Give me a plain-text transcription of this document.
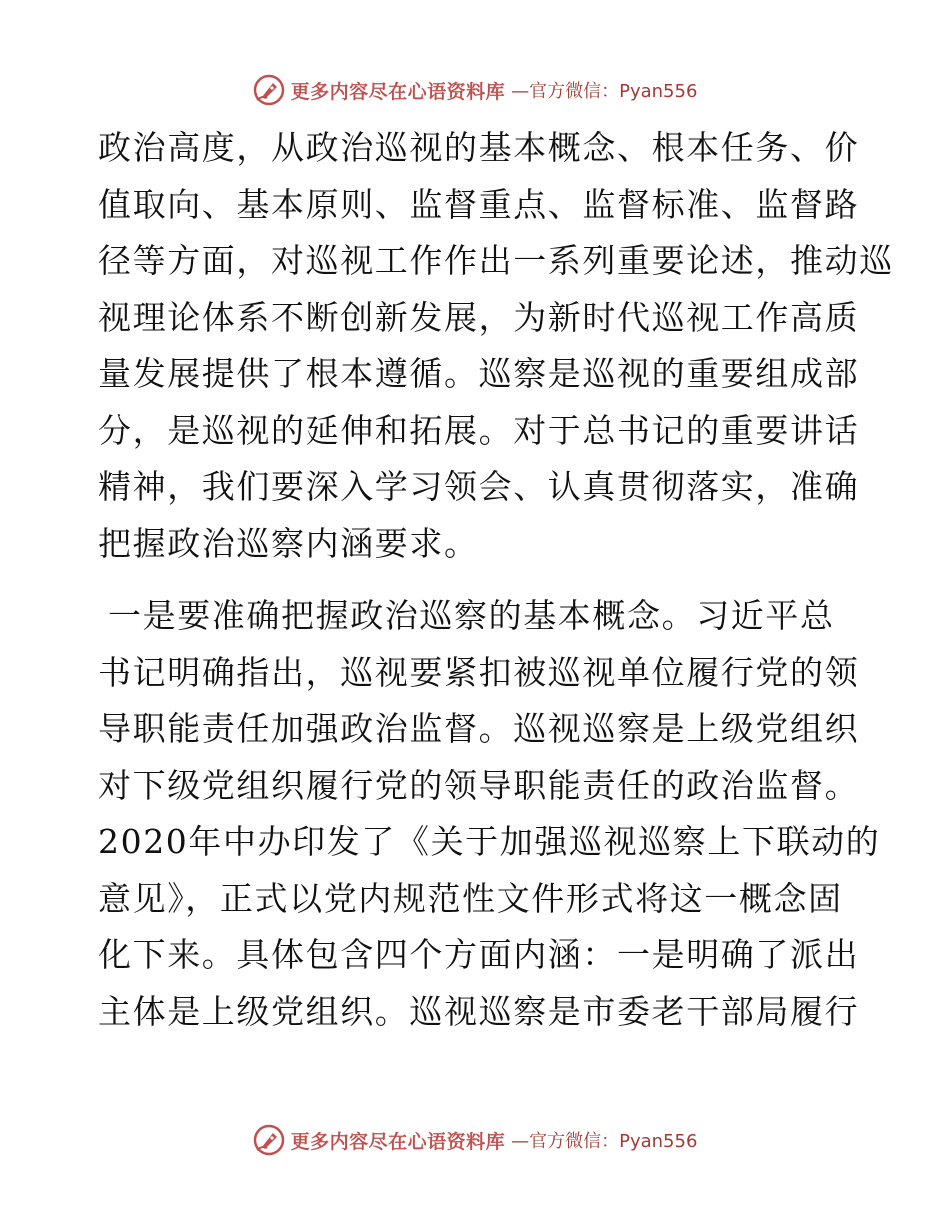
更多内容尽在心语资料库 —官方微信：Pyan556

政治高度，从政治巡视的基本概念、根本任务、价
值取向、基本原则、监督重点、监督标准、监督路
径等方面，对巡视工作作出一系列重要论述，推动巡
视理论体系不断创新发展，为新时代巡视工作高质
量发展提供了根本遵循。巡察是巡视的重要组成部
分，是巡视的延伸和拓展。对于总书记的重要讲话
精神，我们要深入学习领会、认真贯彻落实，准确
把握政治巡察内涵要求。

一是要准确把握政治巡察的基本概念。习近平总
书记明确指出，巡视要紧扣被巡视单位履行党的领
导职能责任加强政治监督。巡视巡察是上级党组织
对下级党组织履行党的领导职能责任的政治监督。
2020年中办印发了《关于加强巡视巡察上下联动的
意见》，正式以党内规范性文件形式将这一概念固
化下来。具体包含四个方面内涵：一是明确了派出
主体是上级党组织。巡视巡察是市委老干部局履行

更多内容尽在心语资料库 —官方微信：Pyan556
